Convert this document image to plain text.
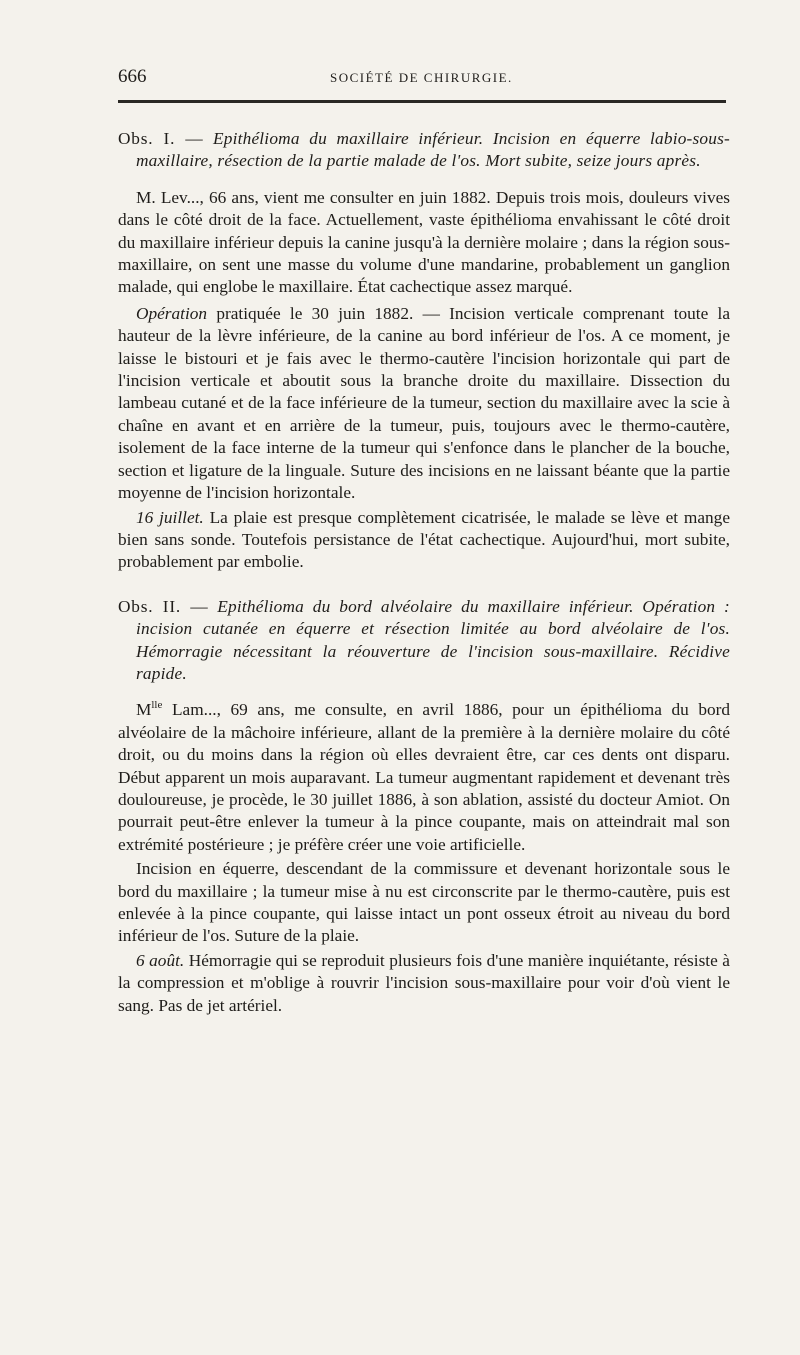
666	SOCIÉTÉ DE CHIRURGIE.

Obs. I. — Epithélioma du maxillaire inférieur. Incision en équerre labio-sous-maxillaire, résection de la partie malade de l'os. Mort subite, seize jours après.

M. Lev..., 66 ans, vient me consulter en juin 1882. Depuis trois mois, douleurs vives dans le côté droit de la face. Actuellement, vaste épithélioma envahissant le côté droit du maxillaire inférieur depuis la canine jusqu'à la dernière molaire ; dans la région sous-maxillaire, on sent une masse du volume d'une mandarine, probablement un ganglion malade, qui englobe le maxillaire. État cachectique assez marqué.

Opération pratiquée le 30 juin 1882. — Incision verticale comprenant toute la hauteur de la lèvre inférieure, de la canine au bord inférieur de l'os. A ce moment, je laisse le bistouri et je fais avec le thermo-cautère l'incision horizontale qui part de l'incision verticale et aboutit sous la branche droite du maxillaire. Dissection du lambeau cutané et de la face inférieure de la tumeur, section du maxillaire avec la scie à chaîne en avant et en arrière de la tumeur, puis, toujours avec le thermo-cautère, isolement de la face interne de la tumeur qui s'enfonce dans le plancher de la bouche, section et ligature de la linguale. Suture des incisions en ne laissant béante que la partie moyenne de l'incision horizontale.

16 juillet. La plaie est presque complètement cicatrisée, le malade se lève et mange bien sans sonde. Toutefois persistance de l'état cachectique. Aujourd'hui, mort subite, probablement par embolie.

Obs. II. — Epithélioma du bord alvéolaire du maxillaire inférieur. Opération : incision cutanée en équerre et résection limitée au bord alvéolaire de l'os. Hémorragie nécessitant la réouverture de l'incision sous-maxillaire. Récidive rapide.

$M^{lle}$ Lam..., 69 ans, me consulte, en avril 1886, pour un épithélioma du bord alvéolaire de la mâchoire inférieure, allant de la première à la dernière molaire du côté droit, ou du moins dans la région où elles devraient être, car ces dents ont disparu. Début apparent un mois auparavant. La tumeur augmentant rapidement et devenant très douloureuse, je procède, le 30 juillet 1886, à son ablation, assisté du docteur Amiot. On pourrait peut-être enlever la tumeur à la pince coupante, mais on atteindrait mal son extrémité postérieure ; je préfère créer une voie artificielle.

Incision en équerre, descendant de la commissure et devenant horizontale sous le bord du maxillaire ; la tumeur mise à nu est circonscrite par le thermo-cautère, puis est enlevée à la pince coupante, qui laisse intact un pont osseux étroit au niveau du bord inférieur de l'os. Suture de la plaie.

6 août. Hémorragie qui se reproduit plusieurs fois d'une manière inquiétante, résiste à la compression et m'oblige à rouvrir l'incision sous-maxillaire pour voir d'où vient le sang. Pas de jet artériel.
